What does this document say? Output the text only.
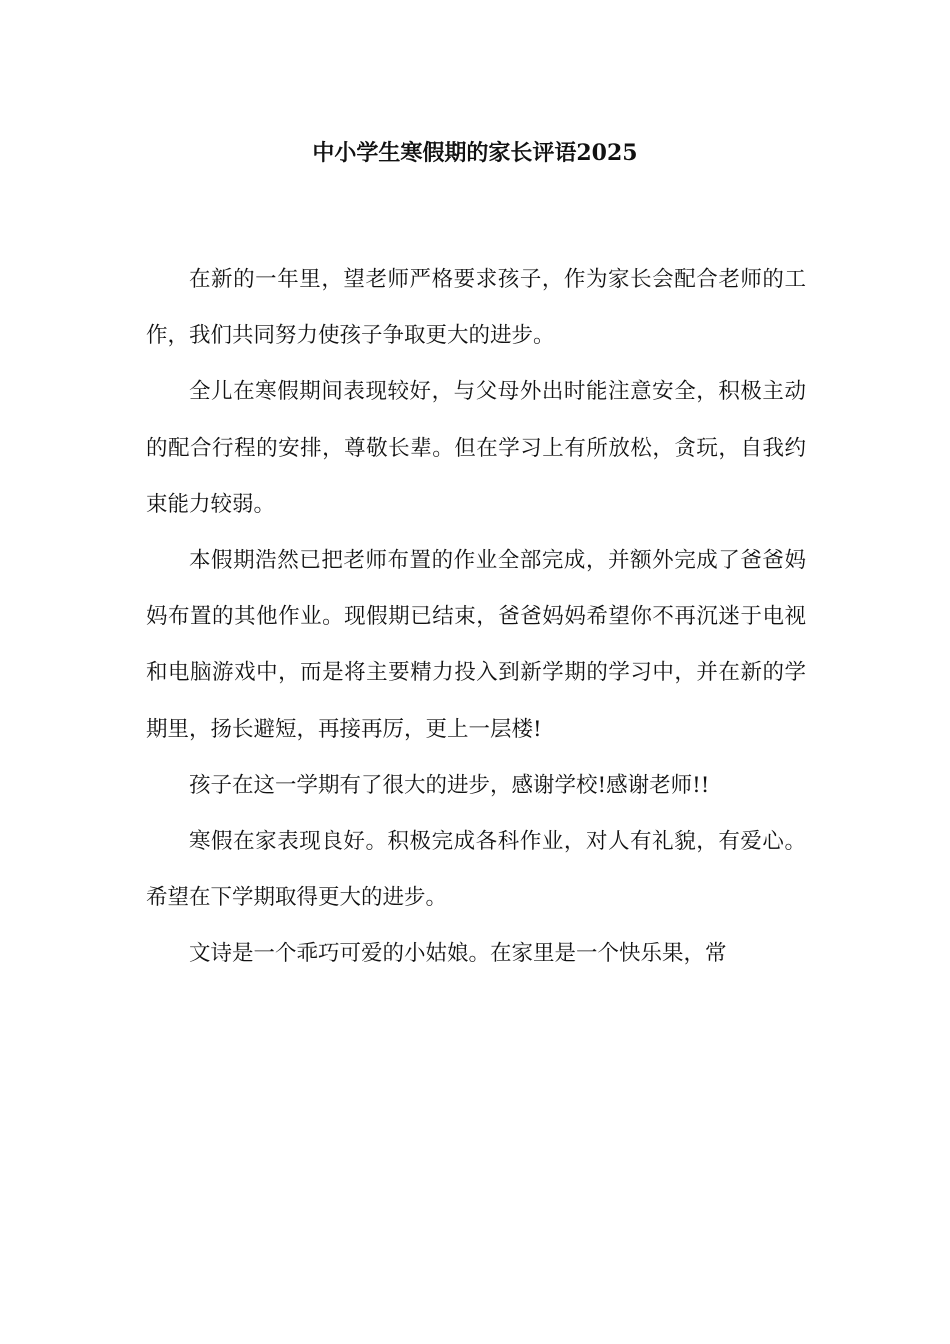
中小学生寒假期的家长评语2025

在新的一年里，望老师严格要求孩子，作为家长会配合老师的工作，我们共同努力使孩子争取更大的进步。

全儿在寒假期间表现较好，与父母外出时能注意安全，积极主动的配合行程的安排，尊敬长辈。但在学习上有所放松，贪玩，自我约束能力较弱。

本假期浩然已把老师布置的作业全部完成，并额外完成了爸爸妈妈布置的其他作业。现假期已结束，爸爸妈妈希望你不再沉迷于电视和电脑游戏中，而是将主要精力投入到新学期的学习中，并在新的学期里，扬长避短，再接再厉，更上一层楼!

孩子在这一学期有了很大的进步，感谢学校!感谢老师!!

寒假在家表现良好。积极完成各科作业，对人有礼貌，有爱心。希望在下学期取得更大的进步。

文诗是一个乖巧可爱的小姑娘。在家里是一个快乐果，常
